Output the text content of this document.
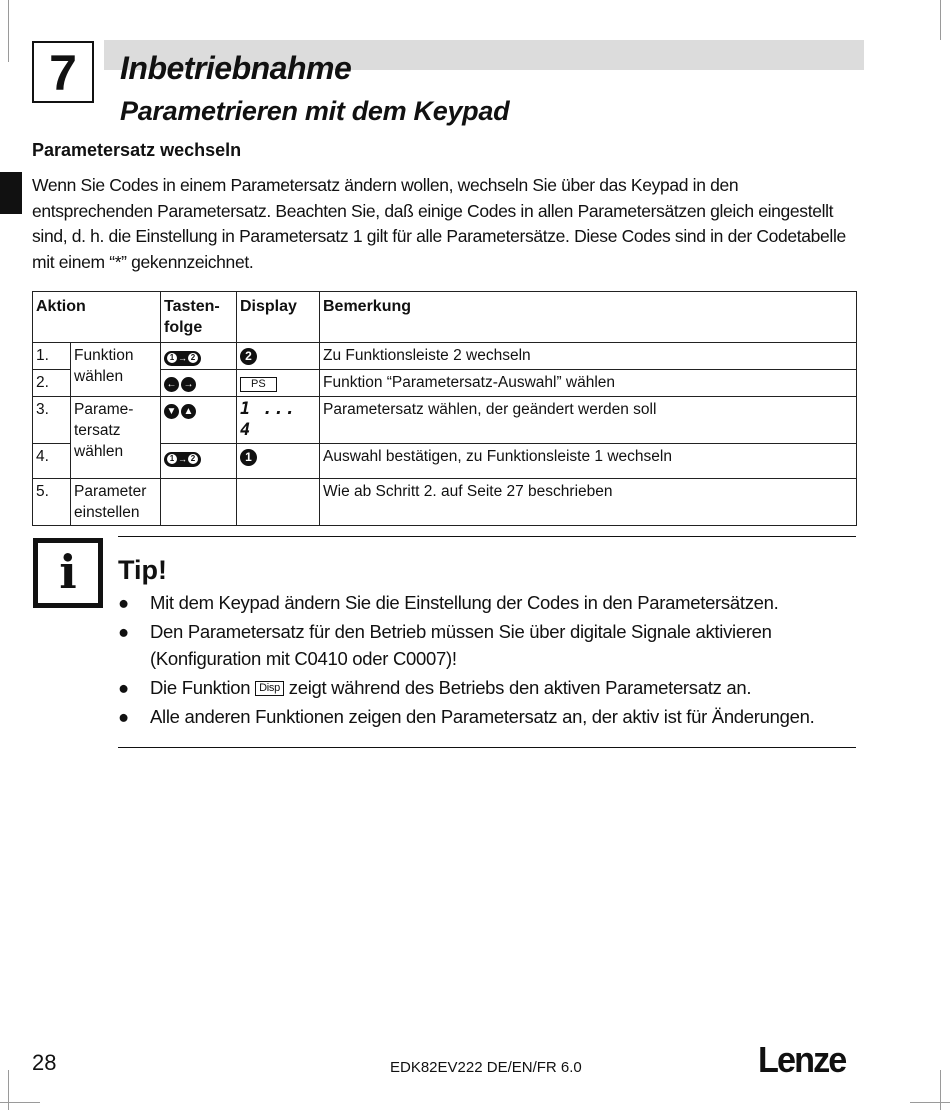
7	Inbetriebnahme
Parametrieren mit dem Keypad
Parametersatz wechseln

Wenn Sie Codes in einem Parametersatz ändern wollen, wechseln Sie über das Keypad in den entsprechenden Parametersatz. Beachten Sie, daß einige Codes in allen Parametersätzen gleich eingestellt sind, d. h. die Einstellung in Parametersatz 1 gilt für alle Parametersätze. Diese Codes sind in der Codetabelle mit einem “*” gekennzeichnet.

Aktion		Tasten-folge	Display	Bemerkung
1.	Funktion wählen	1 → 2	2	Zu Funktionsleiste 2 wechseln
2.		← →	PS	Funktion “Parametersatz-Auswahl” wählen
3.	Parame-tersatz wählen	▼ ▲	1 ... 4	Parametersatz wählen, der geändert werden soll
4.		1 → 2	1	Auswahl bestätigen, zu Funktionsleiste 1 wechseln
5.	Parameter einstellen			Wie ab Schritt 2. auf Seite 27 beschrieben
i	Tip!
● Mit dem Keypad ändern Sie die Einstellung der Codes in den Parametersätzen.
● Den Parametersatz für den Betrieb müssen Sie über digitale Signale aktivieren (Konfiguration mit C0410 oder C0007)!
● Die Funktion Disp zeigt während des Betriebs den aktiven Parametersatz an.
● Alle anderen Funktionen zeigen den Parametersatz an, der aktiv ist für Änderungen.
28	EDK82EV222 DE/EN/FR 6.0	Lenze
